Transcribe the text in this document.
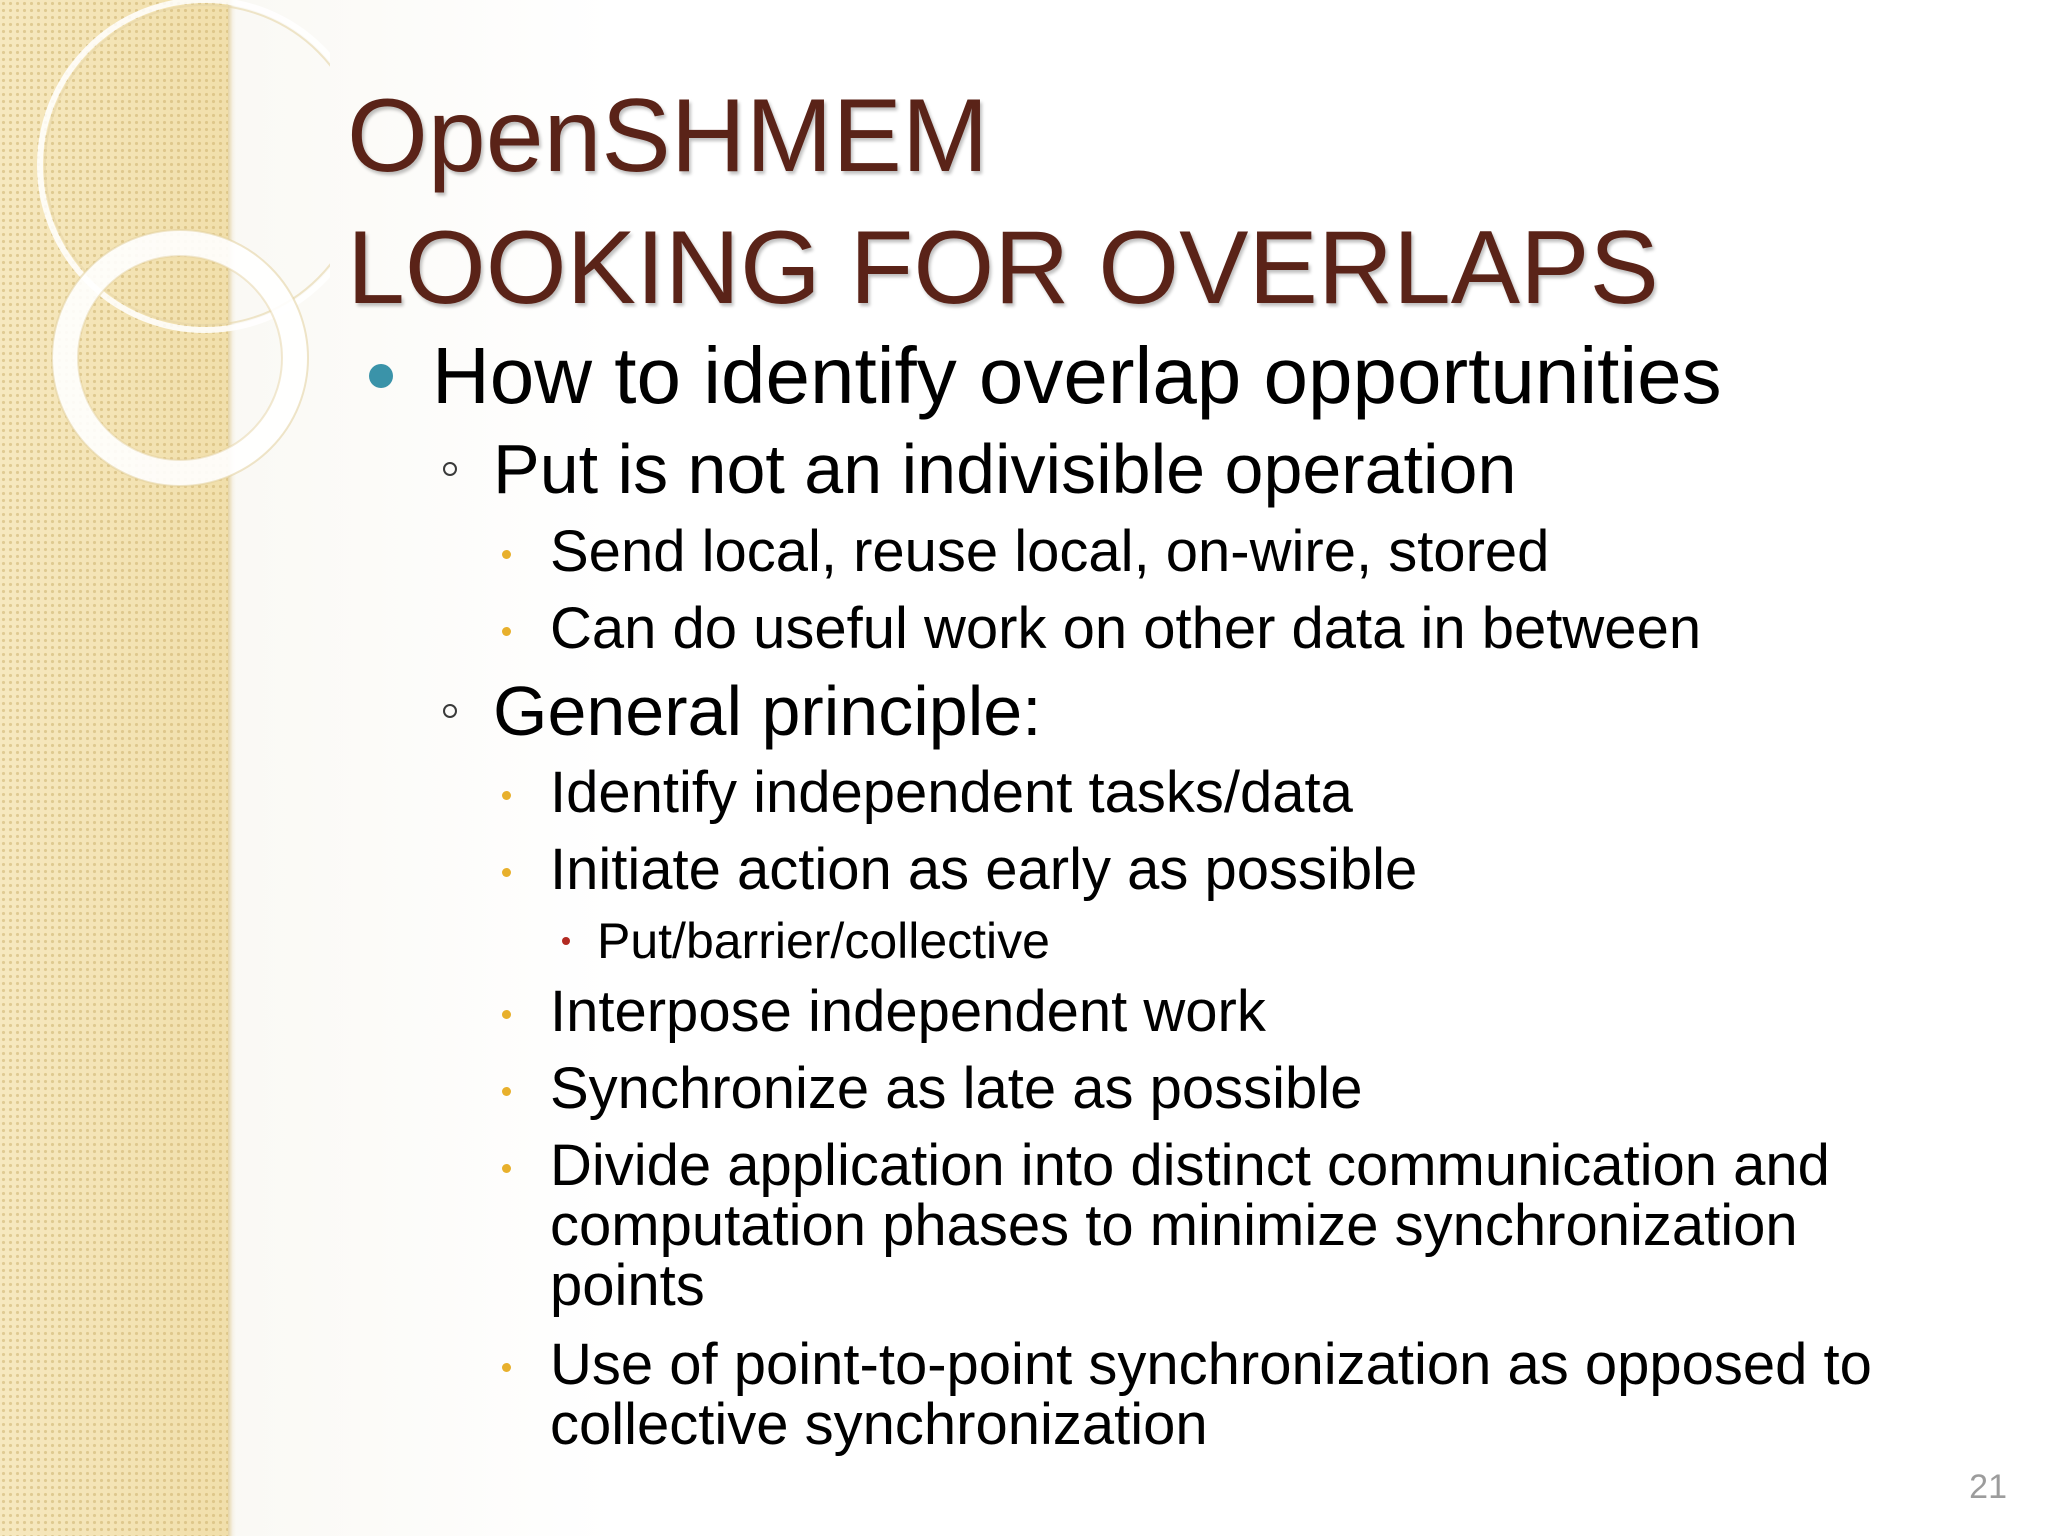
OpenSHMEM
LOOKING FOR OVERLAPS
How to identify overlap opportunities
Put is not an indivisible operation
Send local, reuse local, on-wire, stored
Can do useful work on other data in between
General principle:
Identify independent tasks/data
Initiate action as early as possible
Put/barrier/collective
Interpose independent work
Synchronize as late as possible
Divide application into distinct communication and
computation phases to minimize synchronization
points
Use of point-to-point synchronization as opposed to
collective synchronization
21
